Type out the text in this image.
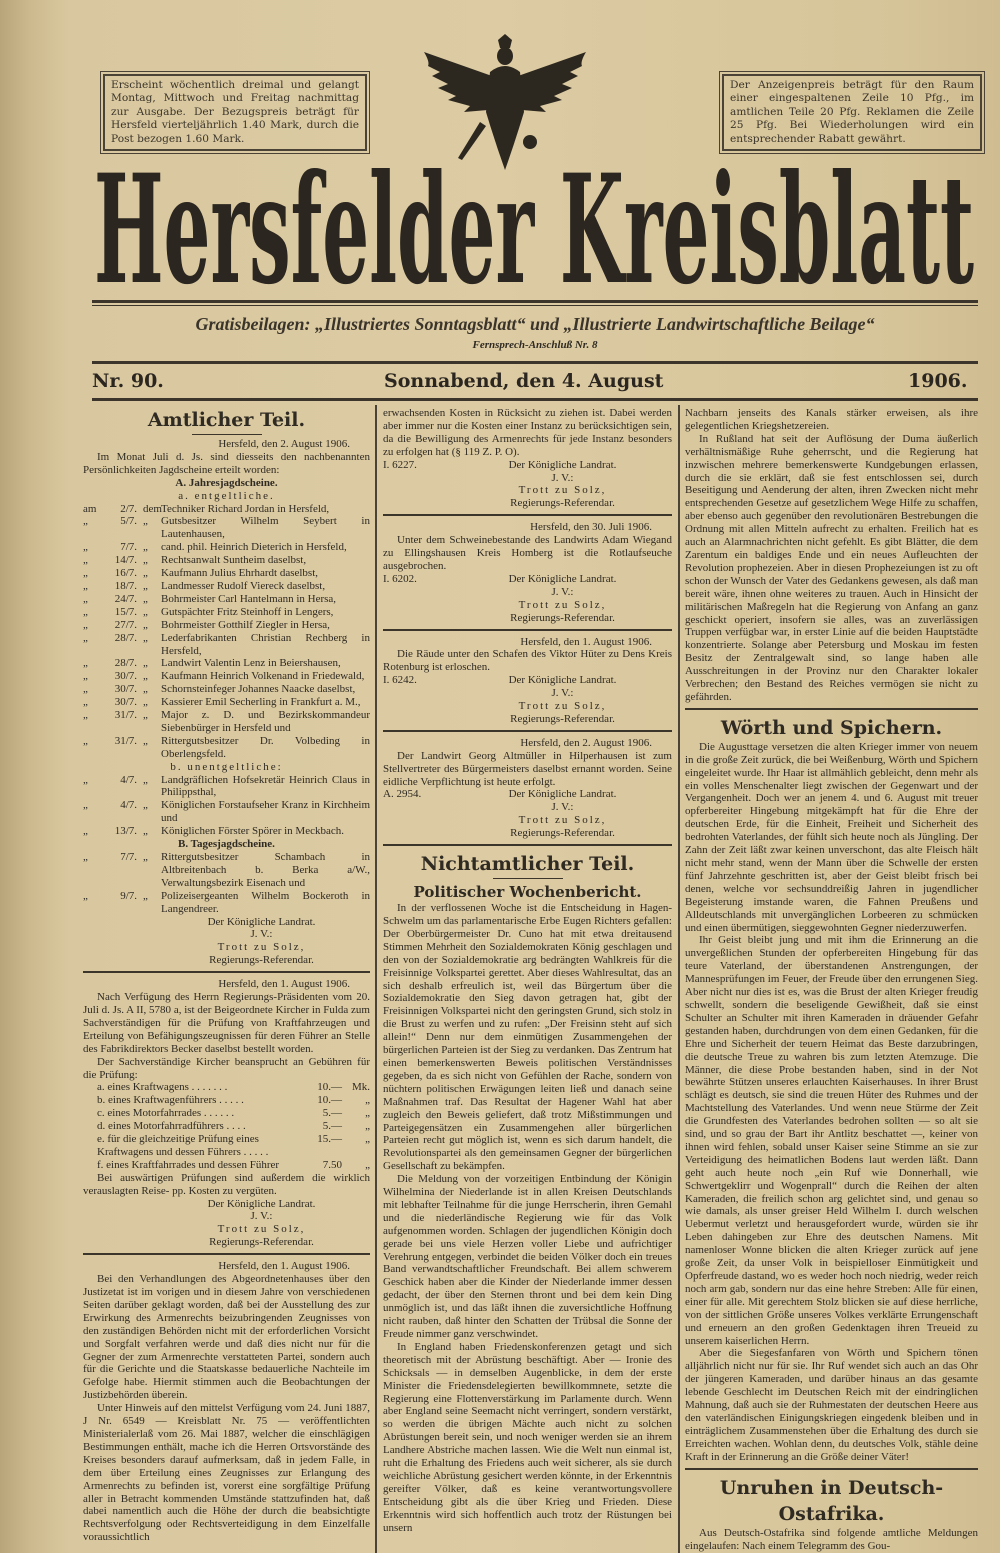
Erscheint wöchentlich dreimal und gelangt Montag, Mittwoch und Freitag nachmittag zur Ausgabe. Der Bezugspreis beträgt für Hersfeld vierteljährlich 1.40 Mark, durch die Post bezogen 1.60 Mark.
Der Anzeigenpreis beträgt für den Raum einer eingespaltenen Zeile 10 Pfg., im amtlichen Teile 20 Pfg. Reklamen die Zeile 25 Pfg. Bei Wiederholungen wird ein entsprechender Rabatt gewährt.
Hersfelder Kreisblatt
Gratisbeilagen: „Illustriertes Sonntagsblatt“ und „Illustrierte Landwirtschaftliche Beilage“
Fernsprech-Anschluß Nr. 8
Nr. 90.	Sonnabend, den 4. August	1906.
Amtlicher Teil.
Hersfeld, den 2. August 1906.
Im Monat Juli d. Js. sind diesseits den nachbenannten Persönlichkeiten Jagdscheine erteilt worden:
A. Jahresjagdscheine.
a. entgeltliche.
am	2/7. dem Techniker Richard Jordan in Hersfeld,
„	5/7. „	Gutsbesitzer Wilhelm Seybert in Lautenhausen,
„	7/7. „	cand. phil. Heinrich Dieterich in Hersfeld,
„	14/7. „	Rechtsanwalt Suntheim daselbst,
„	16/7. „	Kaufmann Julius Ehrhardt daselbst,
„	18/7. „	Landmesser Rudolf Viereck daselbst,
„	24/7. „	Bohrmeister Carl Hantelmann in Hersa,
„	15/7. „	Gutspächter Fritz Steinhoff in Lengers,
„	27/7. „	Bohrmeister Gotthilf Ziegler in Hersa,
„	28/7. „	Lederfabrikanten Christian Rechberg in Hersfeld,
„	28/7. „	Landwirt Valentin Lenz in Beiershausen,
„	30/7. „	Kaufmann Heinrich Volkenand in Friedewald,
„	30/7. „	Schornsteinfeger Johannes Naacke daselbst,
„	30/7. „	Kassierer Emil Secherling in Frankfurt a. M.,
„	31/7. „	Major z. D. und Bezirkskommandeur Siebenbürger in Hersfeld und
„	31/7. „	Rittergutsbesitzer Dr. Volbeding in Oberlengsfeld.
b. unentgeltliche:
„	4/7. „	Landgräflichen Hofsekretär Heinrich Claus in Philippsthal,
„	4/7. „	Königlichen Forstaufseher Kranz in Kirchheim und
„	13/7. „	Königlichen Förster Spörer in Meckbach.
B. Tagesjagdscheine.
„	7/7. „	Rittergutsbesitzer Schambach in Altbreitenbach b. Berka a/W., Verwaltungsbezirk Eisenach und
„	9/7. „	Polizeisergeanten Wilhelm Bockeroth in Langendreer.
Der Königliche Landrat.
J. V.:
Trott zu Solz,
Regierungs-Referendar.
Hersfeld, den 1. August 1906.
Nach Verfügung des Herrn Regierungs-Präsidenten vom 20. Juli d. Js. A II, 5780 a, ist der Beigeordnete Kircher in Fulda zum Sachverständigen für die Prüfung von Kraftfahrzeugen und Erteilung von Befähigungszeugnissen für deren Führer an Stelle des Fabrikdirektors Becker daselbst bestellt worden.
Der Sachverständige Kircher beansprucht an Gebühren für die Prüfung:
a. eines Kraftwagens . . . . . . .	10.— Mk.
b. eines Kraftwagenführers . . . . .	10.—	„
c. eines Motorfahrrades . . . . . .	5.—	„
d. eines Motorfahrradführers . . . .	5.—	„
e. für die gleichzeitige Prüfung eines Kraftwagens und dessen Führers . . . . .
15.—	„
f. eines Kraftfahrrades und dessen Führer	7.50	„
Bei auswärtigen Prüfungen sind außerdem die wirklich verauslagten Reise- pp. Kosten zu vergüten.
Der Königliche Landrat.
J. V.:
Trott zu Solz,
Regierungs-Referendar.
Hersfeld, den 1. August 1906.
Bei den Verhandlungen des Abgeordnetenhauses über den Justizetat ist im vorigen und in diesem Jahre von verschiedenen Seiten darüber geklagt worden, daß bei der Ausstellung des zur Erwirkung des Armenrechts beizubringenden Zeugnisses von den zuständigen Behörden nicht mit der erforderlichen Vorsicht und Sorgfalt verfahren werde und daß dies nicht nur für die Gegner der zum Armenrechte verstatteten Partei, sondern auch für die Gerichte und die Staatskasse bedauerliche Nachteile im Gefolge habe. Hiermit stimmen auch die Beobachtungen der Justizbehörden überein.
Unter Hinweis auf den mittelst Verfügung vom 24. Juni 1887, J Nr. 6549 — Kreisblatt Nr. 75 — veröffentlichten Ministerialerlaß vom 26. Mai 1887, welcher die einschlägigen Bestimmungen enthält, mache ich die Herren Ortsvorstände des Kreises besonders darauf aufmerksam, daß in jedem Falle, in dem über Erteilung eines Zeugnisses zur Erlangung des Armenrechts zu befinden ist, vorerst eine sorgfältige Prüfung aller in Betracht kommenden Umstände stattzufinden hat, daß dabei namentlich auch die Höhe der durch die beabsichtigte Rechtsverfolgung oder Rechtsverteidigung in dem Einzelfalle voraussichtlich
erwachsenden Kosten in Rücksicht zu ziehen ist. Dabei werden aber immer nur die Kosten einer Instanz zu berücksichtigen sein, da die Bewilligung des Armenrechts für jede Instanz besonders zu erfolgen hat (§ 119 Z. P. O).
I. 6227.	Der Königliche Landrat.
J. V.:
Trott zu Solz,
Regierungs-Referendar.
Hersfeld, den 30. Juli 1906.
Unter dem Schweinebestande des Landwirts Adam Wiegand zu Ellingshausen Kreis Homberg ist die Rotlaufseuche ausgebrochen.
I. 6202.	Der Königliche Landrat.
J. V.:
Trott zu Solz,
Regierungs-Referendar.
Hersfeld, den 1. August 1906.
Die Räude unter den Schafen des Viktor Hüter zu Dens Kreis Rotenburg ist erloschen.
I. 6242.	Der Königliche Landrat.
J. V.:
Trott zu Solz,
Regierungs-Referendar.
Hersfeld, den 2. August 1906.
Der Landwirt Georg Altmüller in Hilperhausen ist zum Stellvertreter des Bürgermeisters daselbst ernannt worden. Seine eidliche Verpflichtung ist heute erfolgt.
A. 2954.	Der Königliche Landrat.
J. V.:
Trott zu Solz,
Regierungs-Referendar.
Nichtamtlicher Teil.
Politischer Wochenbericht.
In der verflossenen Woche ist die Entscheidung in Hagen-Schwelm um das parlamentarische Erbe Eugen Richters gefallen: Der Oberbürgermeister Dr. Cuno hat mit etwa dreitausend Stimmen Mehrheit den Sozialdemokraten König geschlagen und den von der Sozialdemokratie arg bedrängten Wahlkreis für die Freisinnige Volkspartei gerettet. Aber dieses Wahlresultat, das an sich deshalb erfreulich ist, weil das Bürgertum über die Sozialdemokratie den Sieg davon getragen hat, gibt der Freisinnigen Volkspartei nicht den geringsten Grund, sich stolz in die Brust zu werfen und zu rufen: „Der Freisinn steht auf sich allein!“ Denn nur dem einmütigen Zusammengehen der bürgerlichen Parteien ist der Sieg zu verdanken. Das Zentrum hat einen bemerkenswerten Beweis politischen Verständnisses gegeben, da es sich nicht von Gefühlen der Rache, sondern von nüchtern politischen Erwägungen leiten ließ und danach seine Maßnahmen traf. Das Resultat der Hagener Wahl hat aber zugleich den Beweis geliefert, daß trotz Mißstimmungen und Parteigegensätzen ein Zusammengehen aller bürgerlichen Parteien recht gut möglich ist, wenn es sich darum handelt, die Revolutionspartei als den gemeinsamen Gegner der bürgerlichen Gesellschaft zu bekämpfen.
Die Meldung von der vorzeitigen Entbindung der Königin Wilhelmina der Niederlande ist in allen Kreisen Deutschlands mit lebhafter Teilnahme für die junge Herrscherin, ihren Gemahl und die niederländische Regierung wie für das Volk aufgenommen worden. Schlagen der jugendlichen Königin doch gerade bei uns viele Herzen voller Liebe und aufrichtiger Verehrung entgegen, verbindet die beiden Völker doch ein treues Band verwandtschaftlicher Freundschaft. Bei allem schwerem Geschick haben aber die Kinder der Niederlande immer dessen gedacht, der über den Sternen thront und bei dem kein Ding unmöglich ist, und das läßt ihnen die zuversichtliche Hoffnung nicht rauben, daß hinter den Schatten der Trübsal die Sonne der Freude nimmer ganz verschwindet.
In England haben Friedenskonferenzen getagt und sich theoretisch mit der Abrüstung beschäftigt. Aber — Ironie des Schicksals — in demselben Augenblicke, in dem der erste Minister die Friedensdelegierten bewillkommnete, setzte die Regierung eine Flottenverstärkung im Parlamente durch. Wenn aber England seine Seemacht nicht verringert, sondern verstärkt, so werden die übrigen Mächte auch nicht zu solchen Abrüstungen bereit sein, und noch weniger werden sie an ihrem Landhere Abstriche machen lassen. Wie die Welt nun einmal ist, ruht die Erhaltung des Friedens auch weit sicherer, als sie durch weichliche Abrüstung gesichert werden könnte, in der Erkenntnis gereifter Völker, daß es keine verantwortungsvollere Entscheidung gibt als die über Krieg und Frieden. Diese Erkenntnis wird sich hoffentlich auch trotz der Rüstungen bei unsern
Nachbarn jenseits des Kanals stärker erweisen, als ihre gelegentlichen Kriegshetzereien.
In Rußland hat seit der Auflösung der Duma äußerlich verhältnismäßige Ruhe geherrscht, und die Regierung hat inzwischen mehrere bemerkenswerte Kundgebungen erlassen, durch die sie erklärt, daß sie fest entschlossen sei, durch Beseitigung und Aenderung der alten, ihren Zwecken nicht mehr entsprechenden Gesetze auf gesetzlichem Wege Hilfe zu schaffen, aber ebenso auch gegenüber den revolutionären Bestrebungen die Ordnung mit allen Mitteln aufrecht zu erhalten. Freilich hat es auch an Alarmnachrichten nicht gefehlt. Es gibt Blätter, die dem Zarentum ein baldiges Ende und ein neues Aufleuchten der Revolution prophezeien. Aber in diesen Prophezeiungen ist zu oft schon der Wunsch der Vater des Gedankens gewesen, als daß man bereit wäre, ihnen ohne weiteres zu trauen. Auch in Hinsicht der militärischen Maßregeln hat die Regierung von Anfang an ganz geschickt operiert, insofern sie alles, was an zuverlässigen Truppen verfügbar war, in erster Linie auf die beiden Hauptstädte konzentrierte. Solange aber Petersburg und Moskau im festen Besitz der Zentralgewalt sind, so lange haben alle Ausschreitungen in der Provinz nur den Charakter lokaler Verbrechen; den Bestand des Reiches vermögen sie nicht zu gefährden.
Wörth und Spichern.
Die Augusttage versetzen die alten Krieger immer von neuem in die große Zeit zurück, die bei Weißenburg, Wörth und Spichern eingeleitet wurde. Ihr Haar ist allmählich gebleicht, denn mehr als ein volles Menschenalter liegt zwischen der Gegenwart und der Vergangenheit. Doch wer an jenem 4. und 6. August mit treuer opferbereiter Hingebung mitgekämpft hat für die Ehre der deutschen Erde, für die Einheit, Freiheit und Sicherheit des bedrohten Vaterlandes, der fühlt sich heute noch als Jüngling. Der Zahn der Zeit läßt zwar keinen unverschont, das alte Fleisch hält nicht mehr stand, wenn der Mann über die Schwelle der ersten fünf Jahrzehnte geschritten ist, aber der Geist bleibt frisch bei denen, welche vor sechsunddreißig Jahren in jugendlicher Begeisterung imstande waren, die Fahnen Preußens und Alldeutschlands mit unvergänglichen Lorbeeren zu schmücken und einen übermütigen, sieggewohnten Gegner niederzuwerfen.
Ihr Geist bleibt jung und mit ihm die Erinnerung an die unvergeßlichen Stunden der opferbereiten Hingebung für das teure Vaterland, der überstandenen Anstrengungen, der Mannesprüfungen im Feuer, der Freude über den errungenen Sieg. Aber nicht nur dies ist es, was die Brust der alten Krieger freudig schwellt, sondern die beseligende Gewißheit, daß sie einst Schulter an Schulter mit ihren Kameraden in dräuender Gefahr gestanden haben, durchdrungen von dem einen Gedanken, für die Ehre und Sicherheit der teuern Heimat das Beste darzubringen, die deutsche Treue zu wahren bis zum letzten Atemzuge. Die Männer, die diese Probe bestanden haben, sind in der Not bewährte Stützen unseres erlauchten Kaiserhauses. In ihrer Brust schlägt es deutsch, sie sind die treuen Hüter des Ruhmes und der Machtstellung des Vaterlandes. Und wenn neue Stürme der Zeit die Grundfesten des Vaterlandes bedrohen sollten — so alt sie sind, und so grau der Bart ihr Antlitz beschattet —, keiner von ihnen wird fehlen, sobald unser Kaiser seine Stimme an sie zur Verteidigung des heimatlichen Bodens laut werden läßt. Dann geht auch heute noch „ein Ruf wie Donnerhall, wie Schwertgeklirr und Wogenprall“ durch die Reihen der alten Kameraden, die freilich schon arg gelichtet sind, und genau so wie damals, als unser greiser Held Wilhelm I. durch welschen Uebermut verletzt und herausgefordert wurde, würden sie ihr Leben dahingeben zur Ehre des deutschen Namens. Mit namenloser Wonne blicken die alten Krieger zurück auf jene große Zeit, da unser Volk in beispielloser Einmütigkeit und Opferfreude dastand, wo es weder hoch noch niedrig, weder reich noch arm gab, sondern nur das eine hehre Streben: Alle für einen, einer für alle. Mit gerechtem Stolz blicken sie auf diese herrliche, von der sittlichen Größe unseres Volkes verklärte Errungenschaft und erneuern an den großen Gedenktagen ihren Treueid zu unserem kaiserlichen Herrn.
Aber die Siegesfanfaren von Wörth und Spichern tönen alljährlich nicht nur für sie. Ihr Ruf wendet sich auch an das Ohr der jüngeren Kameraden, und darüber hinaus an das gesamte lebende Geschlecht im Deutschen Reich mit der eindringlichen Mahnung, daß auch sie der Ruhmestaten der deutschen Heere aus den vaterländischen Einigungskriegen eingedenk bleiben und in einträglichem Zusammenstehen über die Erhaltung des durch sie Erreichten wachen. Wohlan denn, du deutsches Volk, stähle deine Kraft in der Erinnerung an die Größe deiner Väter!
Unruhen in Deutsch-Ostafrika.
Aus Deutsch-Ostafrika sind folgende amtliche Meldungen eingelaufen: Nach einem Telegramm des Gou-
